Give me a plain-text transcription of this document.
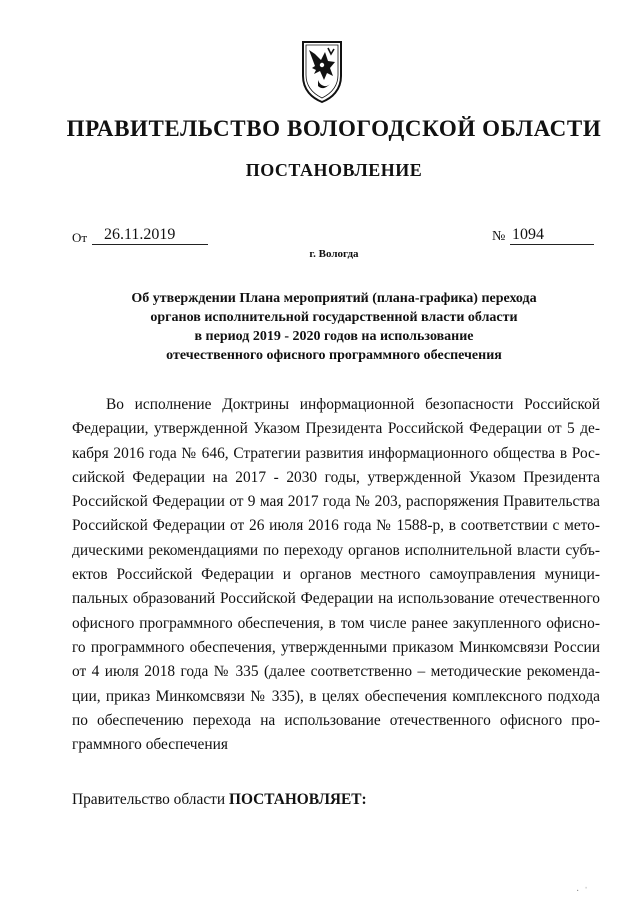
ПРАВИТЕЛЬСТВО ВОЛОГОДСКОЙ ОБЛАСТИ
ПОСТАНОВЛЕНИЕ
От	26.11.2019	№ 1094
г. Вологда
Об утверждении Плана мероприятий (плана-графика) перехода
органов исполнительной государственной власти области
в период 2019 - 2020 годов на использование
отечественного офисного программного обеспечения
Во исполнение Доктрины информационной безопасности Российской
Федерации, утвержденной Указом Президента Российской Федерации от 5 де-
кабря 2016 года № 646, Стратегии развития информационного общества в Рос-
сийской Федерации на 2017 - 2030 годы, утвержденной Указом Президента
Российской Федерации от 9 мая 2017 года № 203, распоряжения Правительства
Российской Федерации от 26 июля 2016 года № 1588-р, в соответствии с мето-
дическими рекомендациями по переходу органов исполнительной власти субъ-
ектов Российской Федерации и органов местного самоуправления муници-
пальных образований Российской Федерации на использование отечественного
офисного программного обеспечения, в том числе ранее закупленного офисно-
го программного обеспечения, утвержденными приказом Минкомсвязи России
от 4 июля 2018 года № 335 (далее соответственно – методические рекоменда-
ции, приказ Минкомсвязи № 335), в целях обеспечения комплексного подхода
по обеспечению перехода на использование отечественного офисного про-
граммного обеспечения
Правительство области ПОСТАНОВЛЯЕТ:
·  ˈ
